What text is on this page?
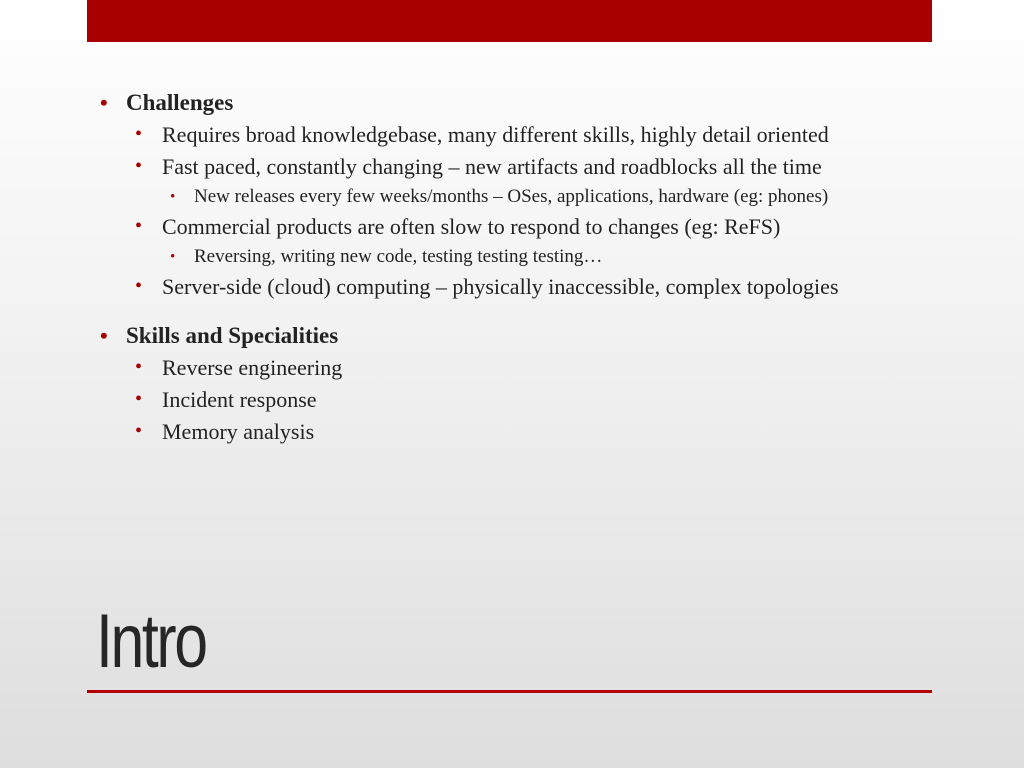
• Challenges
• Requires broad knowledgebase, many different skills, highly detail oriented
• Fast paced, constantly changing – new artifacts and roadblocks all the time
• New releases every few weeks/months – OSes, applications, hardware (eg: phones)
• Commercial products are often slow to respond to changes (eg: ReFS)
• Reversing, writing new code, testing testing testing…
• Server-side (cloud) computing – physically inaccessible, complex topologies
• Skills and Specialities
• Reverse engineering
• Incident response
• Memory analysis
Intro
